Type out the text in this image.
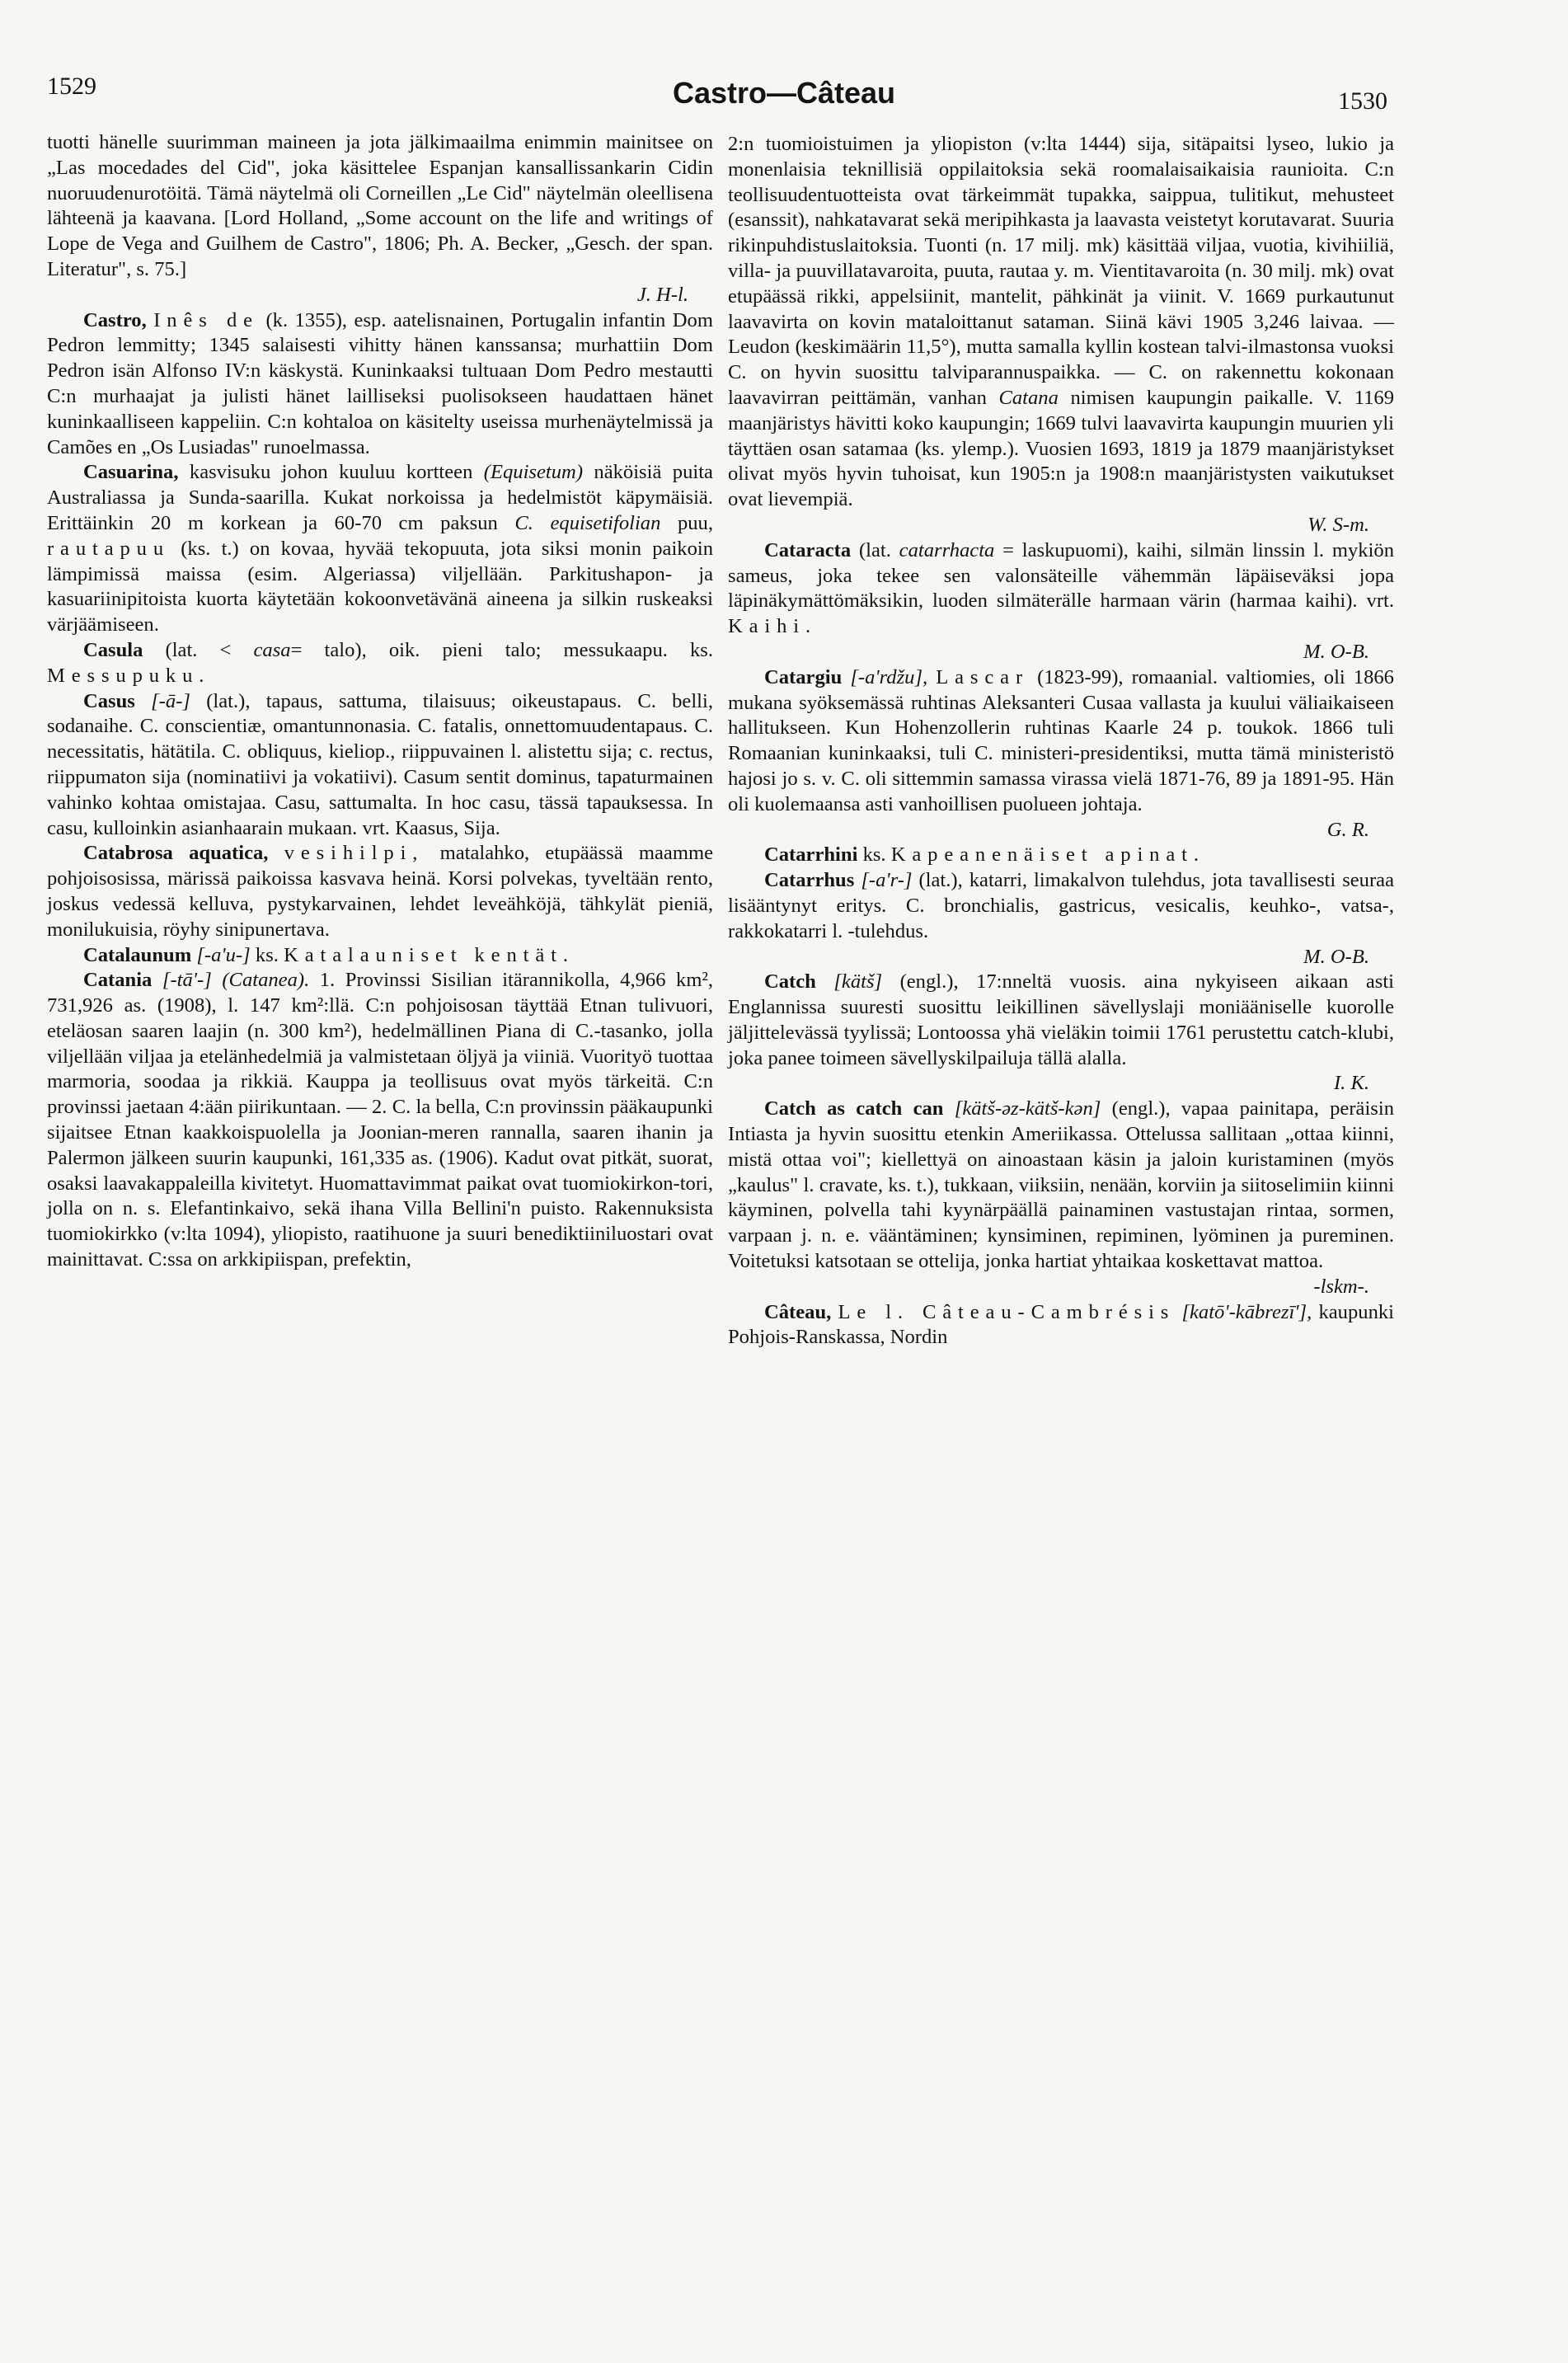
1529	Castro—Câteau	1530

tuotti hänelle suurimman maineen ja jota jälkimaailma enimmin mainitsee on „Las mocedades del Cid", joka käsittelee Espanjan kansallissankarin Cidin nuoruudenurotöitä. Tämä näytelmä oli Corneillen „Le Cid" näytelmän oleellisena lähteenä ja kaavana. [Lord Holland, „Some account on the life and writings of Lope de Vega and Guilhem de Castro", 1806; Ph. A. Becker, „Gesch. der span. Literatur", s. 75.]

J. H-l.

Castro, Inês de (k. 1355), esp. aatelisnainen, Portugalin infantin Dom Pedron lemmitty; 1345 salaisesti vihitty hänen kanssansa; murhattiin Dom Pedron isän Alfonso IV:n käskystä. Kuninkaaksi tultuaan Dom Pedro mestautti C:n murhaajat ja julisti hänet lailliseksi puolisokseen haudattaen hänet kuninkaalliseen kappeliin. C:n kohtaloa on käsitelty useissa murhenäytelmissä ja Camões en „Os Lusiadas" runoelmassa.

Casuarina, kasvisuku johon kuuluu kortteen (Equisetum) näköisiä puita Australiassa ja Sunda-saarilla. Kukat norkoissa ja hedelmistöt käpymäisiä. Erittäinkin 20 m korkean ja 60-70 cm paksun C. equisetifolian puu, rautapuu (ks. t.) on kovaa, hyvää tekopuuta, jota siksi monin paikoin lämpimissä maissa (esim. Algeriassa) viljellään. Parkitushapon- ja kasuariinipitoista kuorta käytetään kokoonvetävänä aineena ja silkin ruskeaksi värjäämiseen.

Casula (lat. < casa= talo), oik. pieni talo; messukaapu. ks. Messupuku.

Casus [-ā-] (lat.), tapaus, sattuma, tilaisuus; oikeustapaus. C. belli, sodanaihe. C. conscientiæ, omantunnonasia. C. fatalis, onnettomuudentapaus. C. necessitatis, hätätila. C. obliquus, kieliop., riippuvainen l. alistettu sija; c. rectus, riippumaton sija (nominatiivi ja vokatiivi). Casum sentit dominus, tapaturmainen vahinko kohtaa omistajaa. Casu, sattumalta. In hoc casu, tässä tapauksessa. In casu, kulloinkin asianhaarain mukaan. vrt. Kaasus, Sija.

Catabrosa aquatica, vesihilpi, matalahko, etupäässä maamme pohjoisosissa, märissä paikoissa kasvava heinä. Korsi polvekas, tyveltään rento, joskus vedessä kelluva, pystykarvainen, lehdet leveähköjä, tähkylät pieniä, monilukuisia, röyhy sinipunertava.

Catalaunum [-a'u-] ks. Katalauniset kentät.

Catania [-tā'-] (Catanea). 1. Provinssi Sisilian itärannikolla, 4,966 km², 731,926 as. (1908), l. 147 km²:llä. C:n pohjoisosan täyttää Etnan tulivuori, eteläosan saaren laajin (n. 300 km²), hedelmällinen Piana di C.-tasanko, jolla viljellään viljaa ja etelänhedelmiä ja valmistetaan öljyä ja viiniä. Vuorityö tuottaa marmoria, soodaa ja rikkiä. Kauppa ja teollisuus ovat myös tärkeitä. C:n provinssi jaetaan 4:ään piirikuntaan. — 2. C. la bella, C:n provinssin pääkaupunki sijaitsee Etnan kaakkoispuolella ja Joonian-meren rannalla, saaren ihanin ja Palermon jälkeen suurin kaupunki, 161,335 as. (1906). Kadut ovat pitkät, suorat, osaksi laavakappaleilla kivitetyt. Huomattavimmat paikat ovat tuomiokirkon-tori, jolla on n. s. Elefantinkaivo, sekä ihana Villa Bellini'n puisto. Rakennuksista tuomiokirkko (v:lta 1094), yliopisto, raatihuone ja suuri benediktiiniluostari ovat mainittavat. C:ssa on arkkipiispan, prefektin,

2:n tuomioistuimen ja yliopiston (v:lta 1444) sija, sitäpaitsi lyseo, lukio ja monenlaisia teknillisiä oppilaitoksia sekä roomalaisaikaisia raunioita. C:n teollisuudentuotteista ovat tärkeimmät tupakka, saippua, tulitikut, mehusteet (esanssit), nahkatavarat sekä meripihkasta ja laavasta veistetyt korutavarat. Suuria rikinpuhdistuslaitoksia. Tuonti (n. 17 milj. mk) käsittää viljaa, vuotia, kivihiiliä, villa- ja puuvillatavaroita, puuta, rautaa y. m. Vientitavaroita (n. 30 milj. mk) ovat etupäässä rikki, appelsiinit, mantelit, pähkinät ja viinit. V. 1669 purkautunut laavavirta on kovin mataloittanut sataman. Siinä kävi 1905 3,246 laivaa. — Leudon (keskimäärin 11,5°), mutta samalla kyllin kostean talvi-ilmastonsa vuoksi C. on hyvin suosittu talviparannuspaikka. — C. on rakennettu kokonaan laavavirran peittämän, vanhan Catana nimisen kaupungin paikalle. V. 1169 maanjäristys hävitti koko kaupungin; 1669 tulvi laavavirta kaupungin muurien yli täyttäen osan satamaa (ks. ylemp.). Vuosien 1693, 1819 ja 1879 maanjäristykset olivat myös hyvin tuhoisat, kun 1905:n ja 1908:n maanjäristysten vaikutukset ovat lievempiä.

W. S-m.

Cataracta (lat. catarrhacta = laskupuomi), kaihi, silmän linssin l. mykiön sameus, joka tekee sen valonsäteille vähemmän läpäiseväksi jopa läpinäkymättömäksikin, luoden silmäterälle harmaan värin (harmaa kaihi). vrt. Kaihi.

M. O-B.

Catargiu [-a'rdžu], Lascar (1823-99), romaanial. valtiomies, oli 1866 mukana syöksemässä ruhtinas Aleksanteri Cusaa vallasta ja kuului väliaikaiseen hallitukseen. Kun Hohenzollerin ruhtinas Kaarle 24 p. toukok. 1866 tuli Romaanian kuninkaaksi, tuli C. ministeri-presidentiksi, mutta tämä ministeristö hajosi jo s. v. C. oli sittemmin samassa virassa vielä 1871-76, 89 ja 1891-95. Hän oli kuolemaansa asti vanhoillisen puolueen johtaja.

G. R.

Catarrhini ks. Kapeanenäiset apinat.

Catarrhus [-a'r-] (lat.), katarri, limakalvon tulehdus, jota tavallisesti seuraa lisääntynyt eritys. C. bronchialis, gastricus, vesicalis, keuhko-, vatsa-, rakkokatarri l. -tulehdus.

M. O-B.

Catch [kätš] (engl.), 17:nneltä vuosis. aina nykyiseen aikaan asti Englannissa suuresti suosittu leikillinen sävellyslaji moniääniselle kuorolle jäljittelevässä tyylissä; Lontoossa yhä vieläkin toimii 1761 perustettu catch-klubi, joka panee toimeen sävellyskilpailuja tällä alalla.

I. K.

Catch as catch can [kätš-əz-kätš-kən] (engl.), vapaa painitapa, peräisin Intiasta ja hyvin suosittu etenkin Ameriikassa. Ottelussa sallitaan „ottaa kiinni, mistä ottaa voi"; kiellettyä on ainoastaan käsin ja jaloin kuristaminen (myös „kaulus" l. cravate, ks. t.), tukkaan, viiksiin, nenään, korviin ja siitoselimiin kiinni käyminen, polvella tahi kyynärpäällä painaminen vastustajan rintaa, sormen, varpaan j. n. e. vääntäminen; kynsiminen, repiminen, lyöminen ja pureminen. Voitetuksi katsotaan se ottelija, jonka hartiat yhtaikaa koskettavat mattoa.

-lskm-.

Câteau, Le l. Câteau-Cambrésis [katō'-kābrezī'], kaupunki Pohjois-Ranskassa, Nordin
